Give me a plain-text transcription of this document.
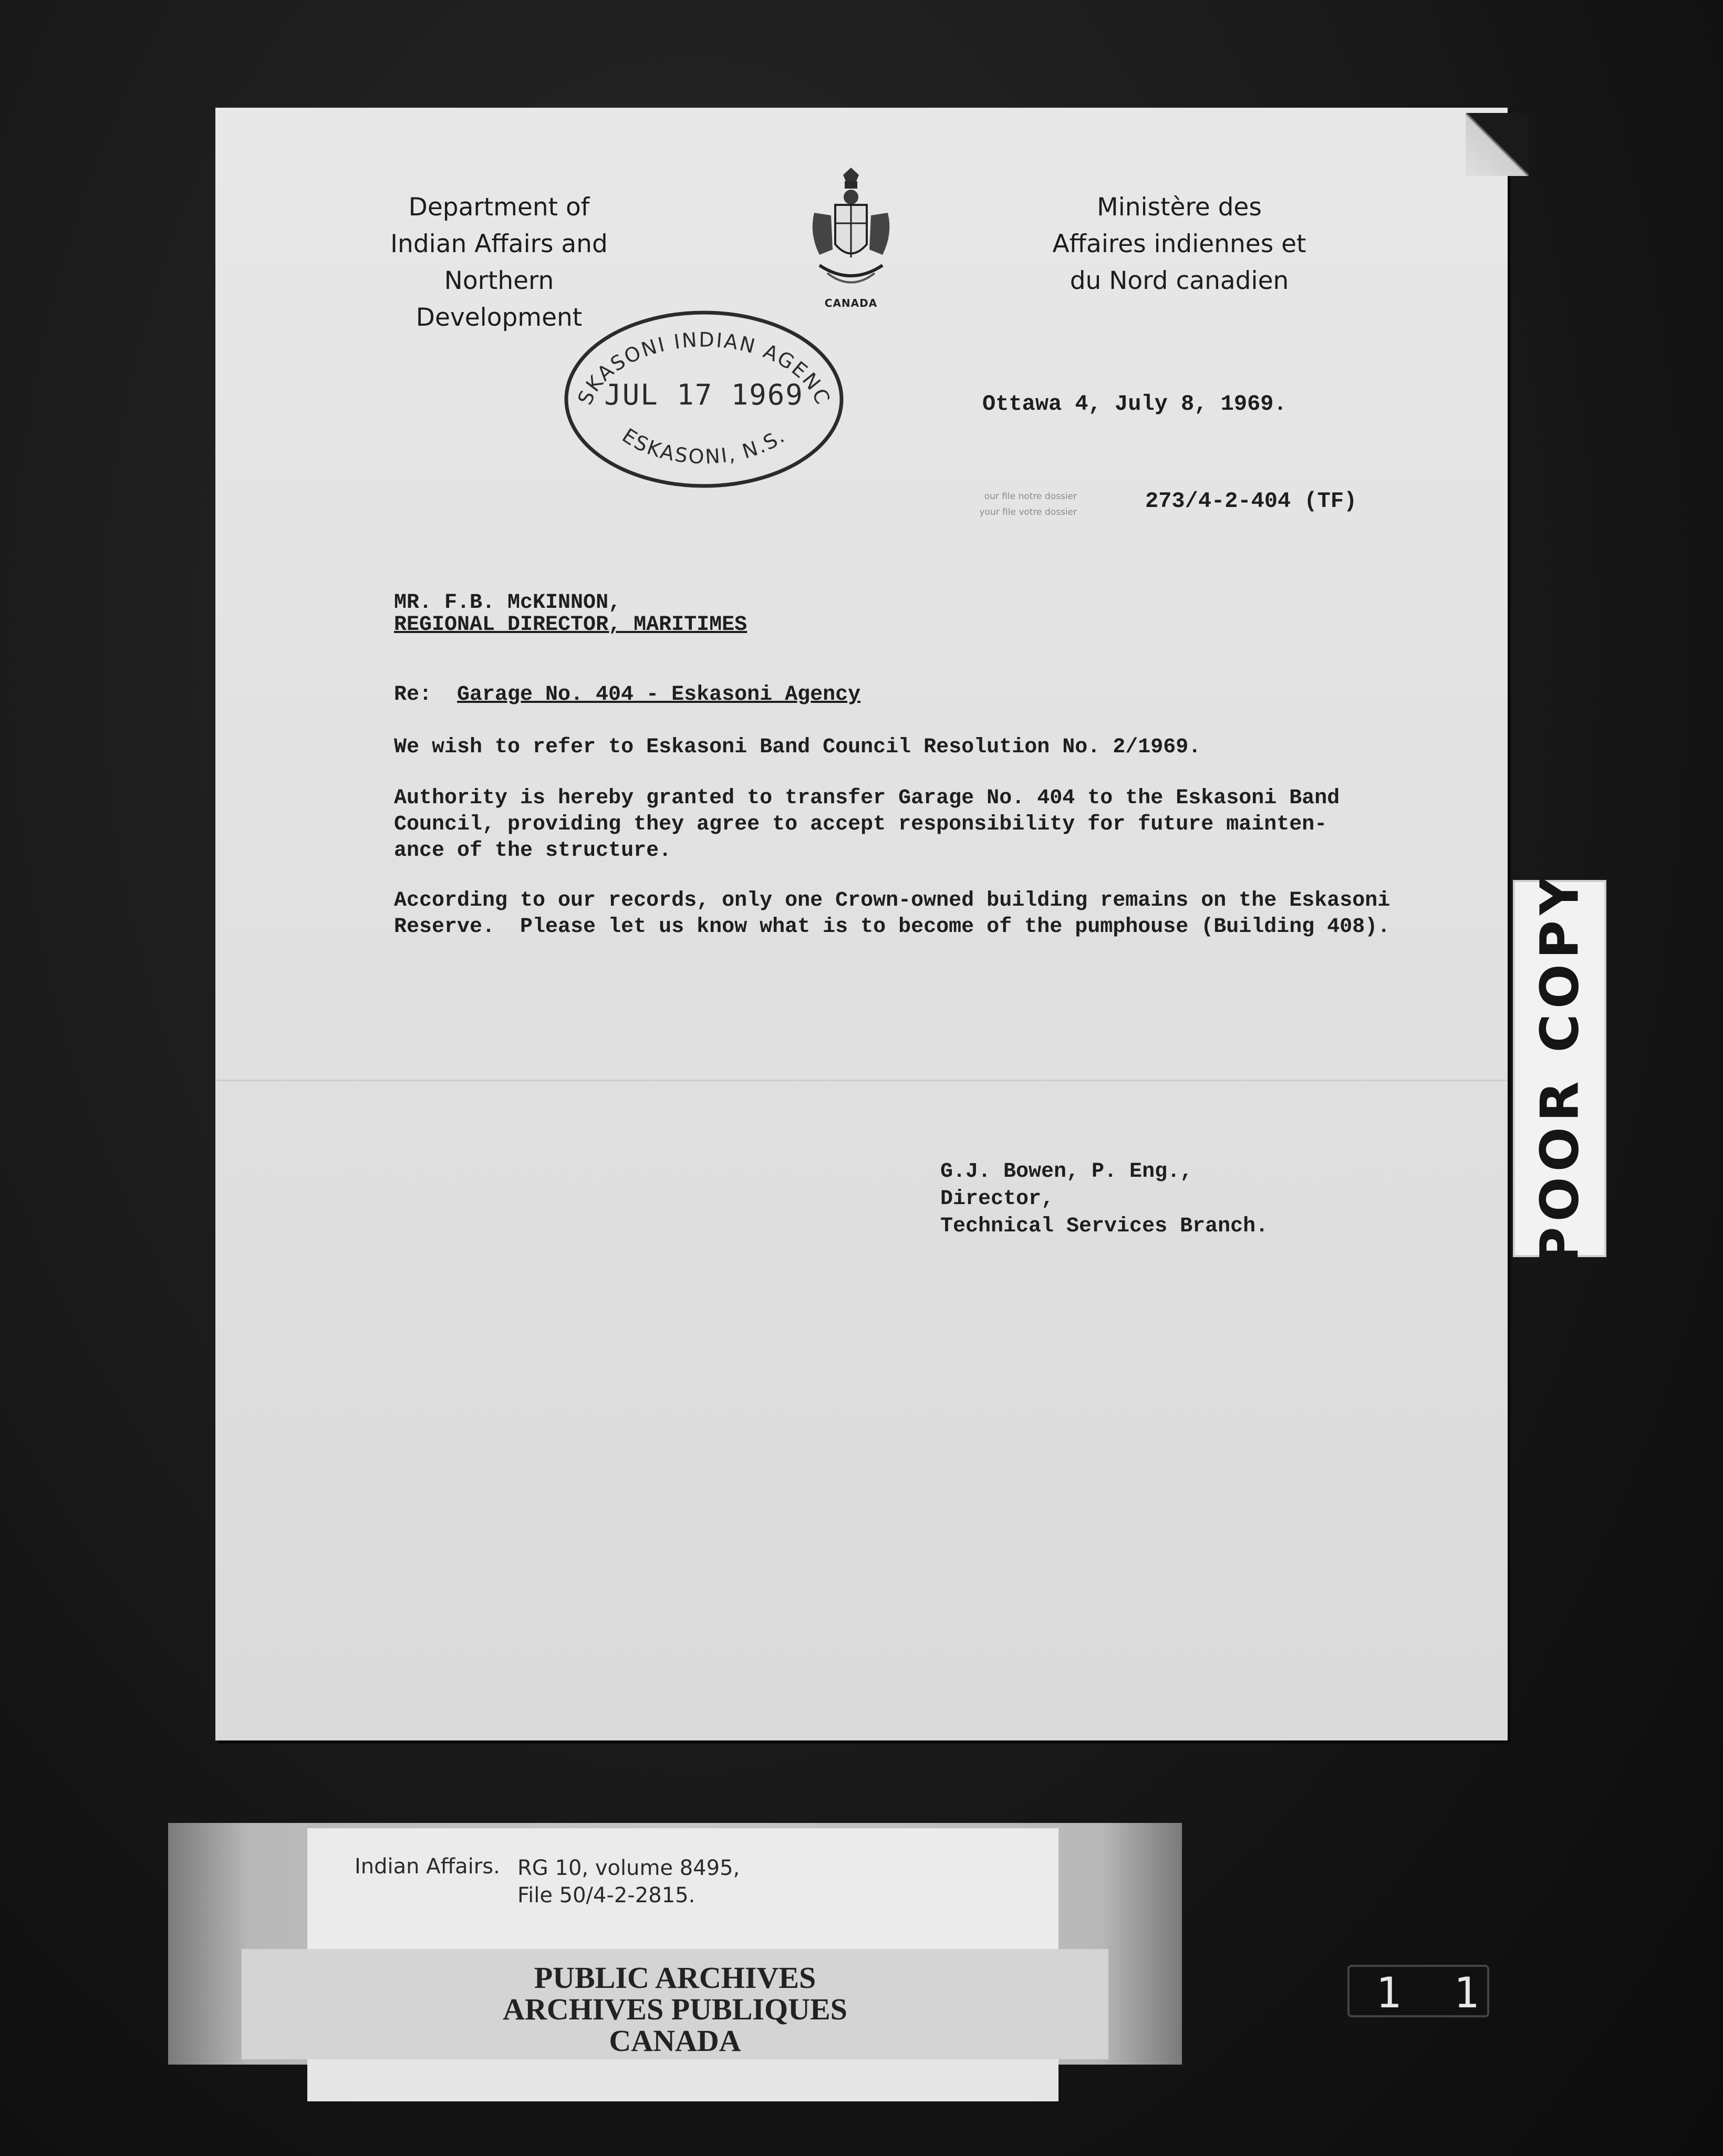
Department of
Indian Affairs and
Northern Development	CANADA
Ministère des
Affaires indiennes et
du Nord canadien
SKASONI INDIAN AGENC
ESKASONI, N.S.
JUL 17 1969	Ottawa 4, July 8, 1969.
our file notre dossier
your file votre dossier	273/4-2-404 (TF)
MR. F.B. McKINNON,
REGIONAL DIRECTOR, MARITIMES
Re: Garage No. 404 - Eskasoni Agency
We wish to refer to Eskasoni Band Council Resolution No. 2/1969.
Authority is hereby granted to transfer Garage No. 404 to the Eskasoni Band
Council, providing they agree to accept responsibility for future mainten-
ance of the structure.
According to our records, only one Crown-owned building remains on the Eskasoni
Reserve.  Please let us know what is to become of the pumphouse (Building 408).
G.J. Bowen, P. Eng.,
Director,
Technical Services Branch.	POOR COPY
Indian Affairs. RG 10, volume 8495,
File 50/4-2-2815.
PUBLIC ARCHIVES
ARCHIVES PUBLIQUES
CANADA
11
